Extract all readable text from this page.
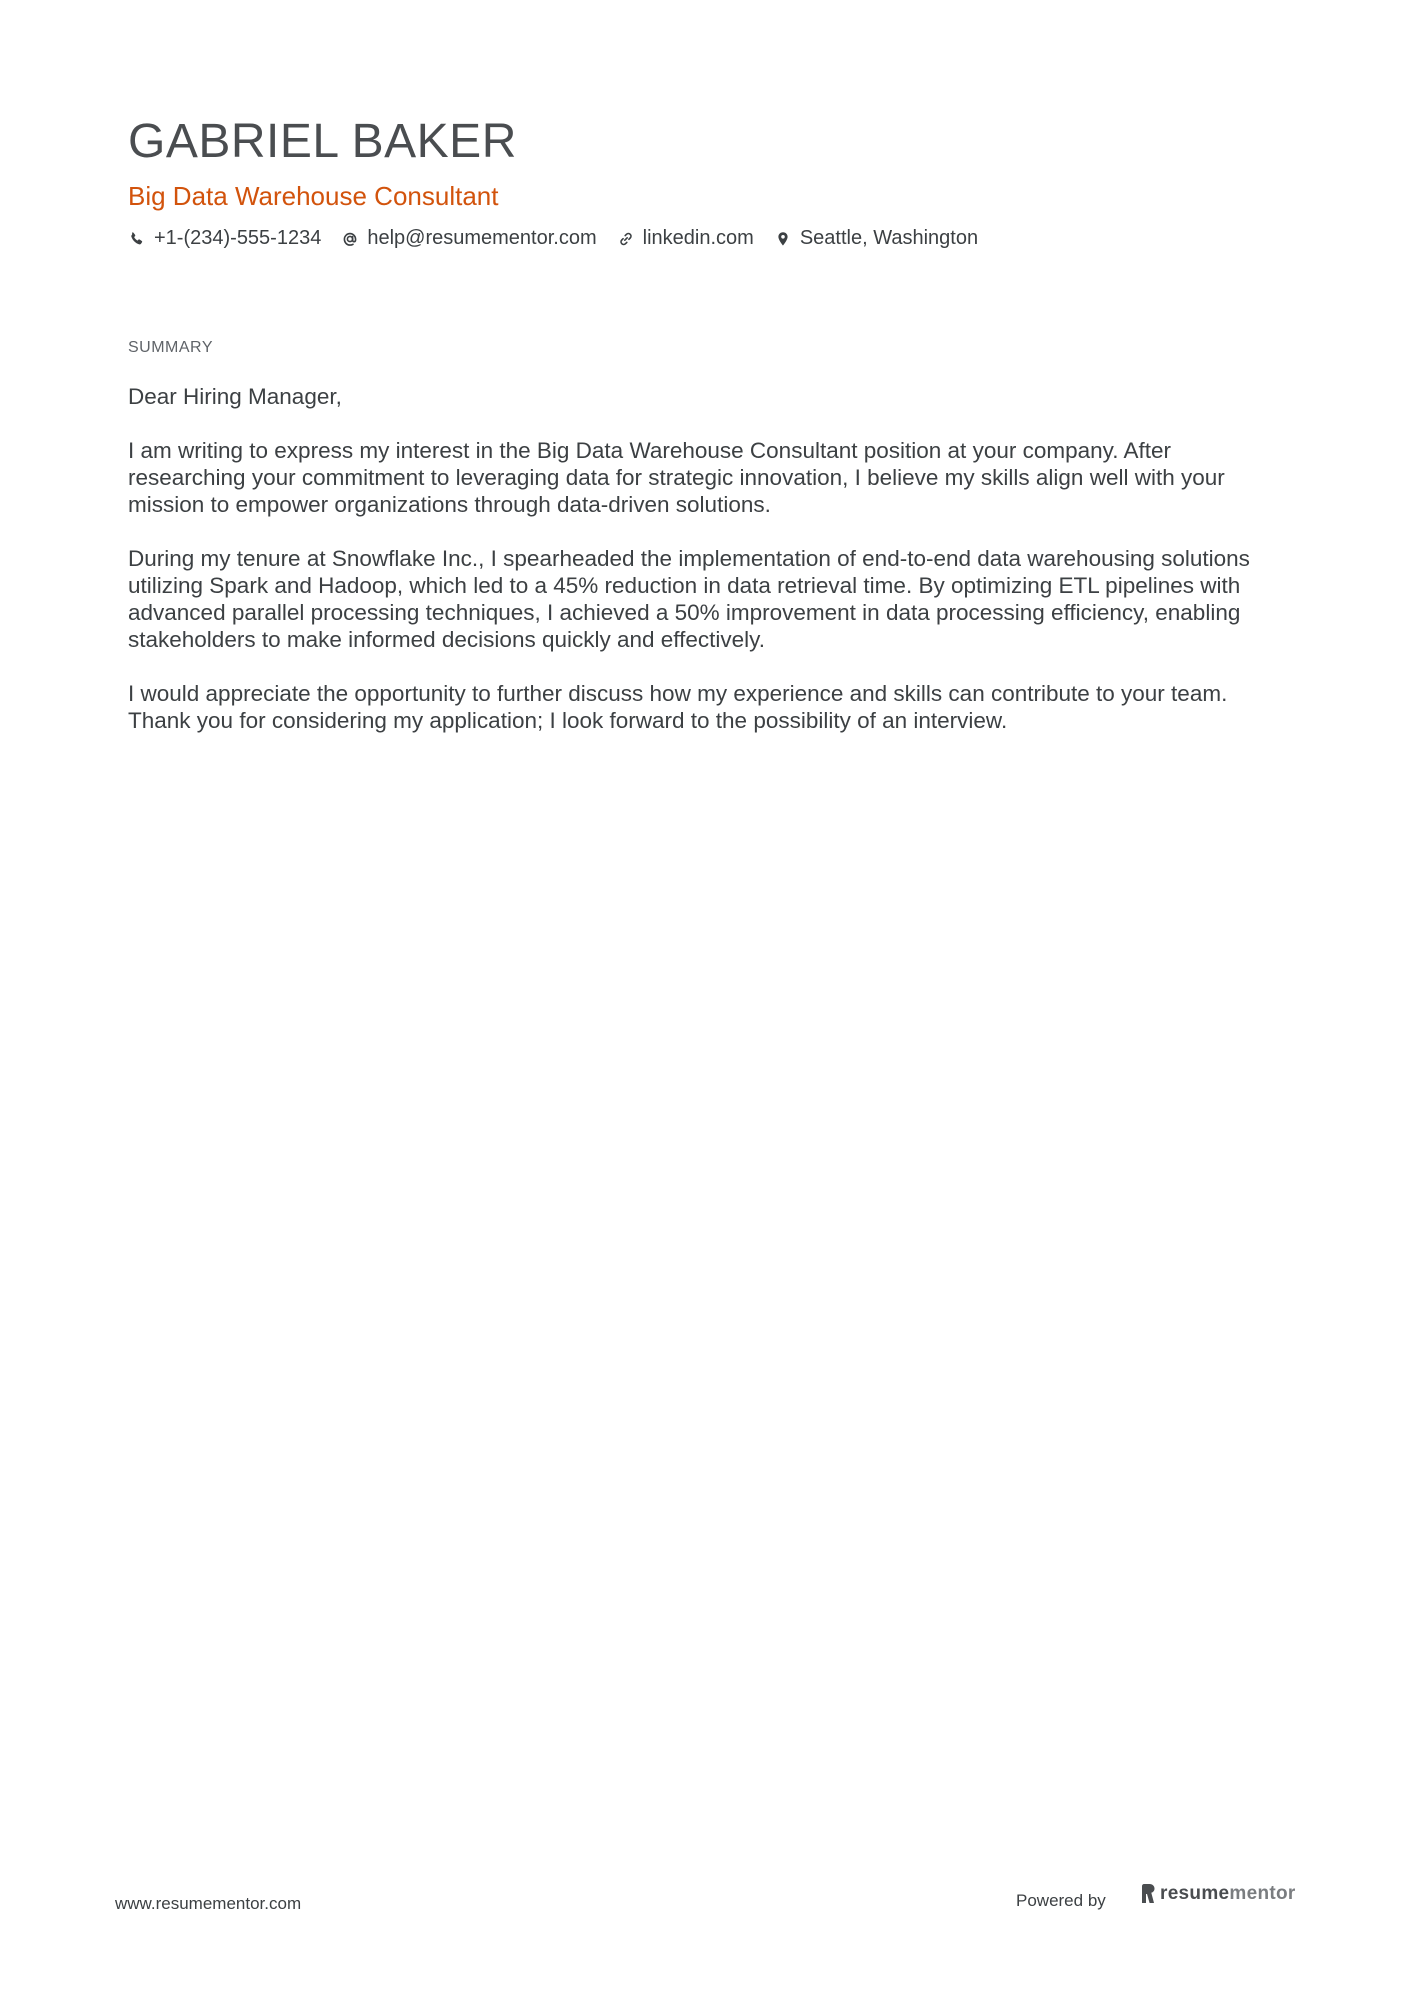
GABRIEL BAKER
Big Data Warehouse Consultant
+1-(234)-555-1234 help@resumementor.com linkedin.com Seattle, Washington
SUMMARY

Dear Hiring Manager,

I am writing to express my interest in the Big Data Warehouse Consultant position at your company. After researching your commitment to leveraging data for strategic innovation, I believe my skills align well with your mission to empower organizations through data-driven solutions.

During my tenure at Snowflake Inc., I spearheaded the implementation of end-to-end data warehousing solutions utilizing Spark and Hadoop, which led to a 45% reduction in data retrieval time. By optimizing ETL pipelines with advanced parallel processing techniques, I achieved a 50% improvement in data processing efficiency, enabling stakeholders to make informed decisions quickly and effectively.

I would appreciate the opportunity to further discuss how my experience and skills can contribute to your team. Thank you for considering my application; I look forward to the possibility of an interview.

www.resumementor.com	Powered by	resumementor
